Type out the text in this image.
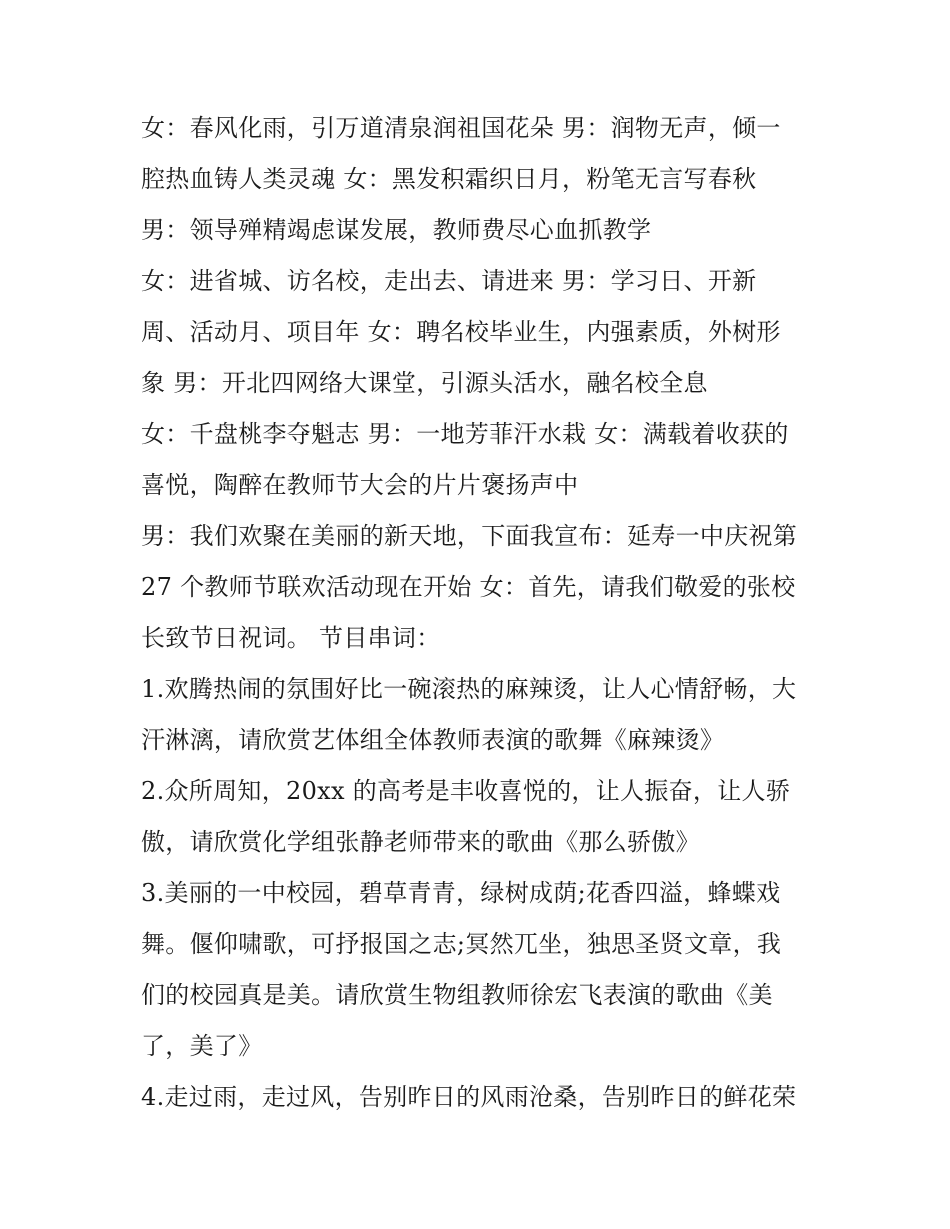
女：春风化雨，引万道清泉润祖国花朵 男：润物无声，倾一
腔热血铸人类灵魂 女：黑发积霜织日月，粉笔无言写春秋
男：领导殚精竭虑谋发展，教师费尽心血抓教学
女：进省城、访名校，走出去、请进来 男：学习日、开新
周、活动月、项目年 女：聘名校毕业生，内强素质，外树形
象 男：开北四网络大课堂，引源头活水，融名校全息
女：千盘桃李夺魁志 男：一地芳菲汗水栽 女：满载着收获的
喜悦，陶醉在教师节大会的片片褒扬声中
男：我们欢聚在美丽的新天地，下面我宣布：延寿一中庆祝第
27 个教师节联欢活动现在开始 女：首先，请我们敬爱的张校
长致节日祝词。 节目串词：
1.欢腾热闹的氛围好比一碗滚热的麻辣烫，让人心情舒畅，大
汗淋漓，请欣赏艺体组全体教师表演的歌舞《麻辣烫》
2.众所周知，20xx 的高考是丰收喜悦的，让人振奋，让人骄
傲，请欣赏化学组张静老师带来的歌曲《那么骄傲》
3.美丽的一中校园，碧草青青，绿树成荫;花香四溢，蜂蝶戏
舞。偃仰啸歌，可抒报国之志;冥然兀坐，独思圣贤文章，我
们的校园真是美。请欣赏生物组教师徐宏飞表演的歌曲《美
了，美了》
4.走过雨，走过风，告别昨日的风雨沧桑，告别昨日的鲜花荣
